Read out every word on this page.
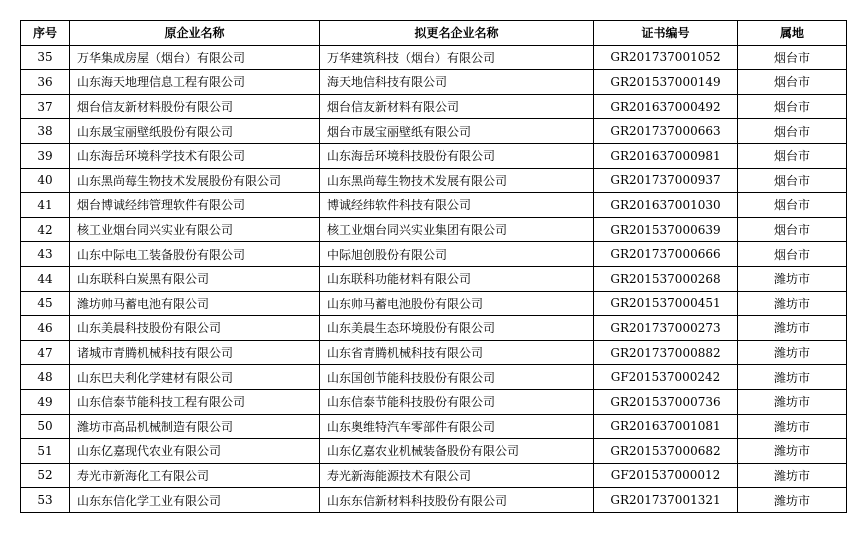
序号	原企业名称	拟更名企业名称	证书编号	属地
35	万华集成房屋（烟台）有限公司	万华建筑科技（烟台）有限公司	GR201737001052	烟台市
36	山东海天地理信息工程有限公司	海天地信科技有限公司	GR201537000149	烟台市
37	烟台信友新材料股份有限公司	烟台信友新材料有限公司	GR201637000492	烟台市
38	山东晟宝丽壁纸股份有限公司	烟台市晟宝丽壁纸有限公司	GR201737000663	烟台市
39	山东海岳环境科学技术有限公司	山东海岳环境科技股份有限公司	GR201637000981	烟台市
40	山东黑尚莓生物技术发展股份有限公司	山东黑尚莓生物技术发展有限公司	GR201737000937	烟台市
41	烟台博诚经纬管理软件有限公司	博诚经纬软件科技有限公司	GR201637001030	烟台市
42	核工业烟台同兴实业有限公司	核工业烟台同兴实业集团有限公司	GR201537000639	烟台市
43	山东中际电工装备股份有限公司	中际旭创股份有限公司	GR201737000666	烟台市
44	山东联科白炭黑有限公司	山东联科功能材料有限公司	GR201537000268	潍坊市
45	潍坊帅马蓄电池有限公司	山东帅马蓄电池股份有限公司	GR201537000451	潍坊市
46	山东美晨科技股份有限公司	山东美晨生态环境股份有限公司	GR201737000273	潍坊市
47	诸城市青腾机械科技有限公司	山东省青腾机械科技有限公司	GR201737000882	潍坊市
48	山东巴夫利化学建材有限公司	山东国创节能科技股份有限公司	GF201537000242	潍坊市
49	山东信泰节能科技工程有限公司	山东信泰节能科技股份有限公司	GR201537000736	潍坊市
50	潍坊市高品机械制造有限公司	山东奥维特汽车零部件有限公司	GR201637001081	潍坊市
51	山东亿嘉现代农业有限公司	山东亿嘉农业机械装备股份有限公司	GR201537000682	潍坊市
52	寿光市新海化工有限公司	寿光新海能源技术有限公司	GF201537000012	潍坊市
53	山东东信化学工业有限公司	山东东信新材料科技股份有限公司	GR201737001321	潍坊市
